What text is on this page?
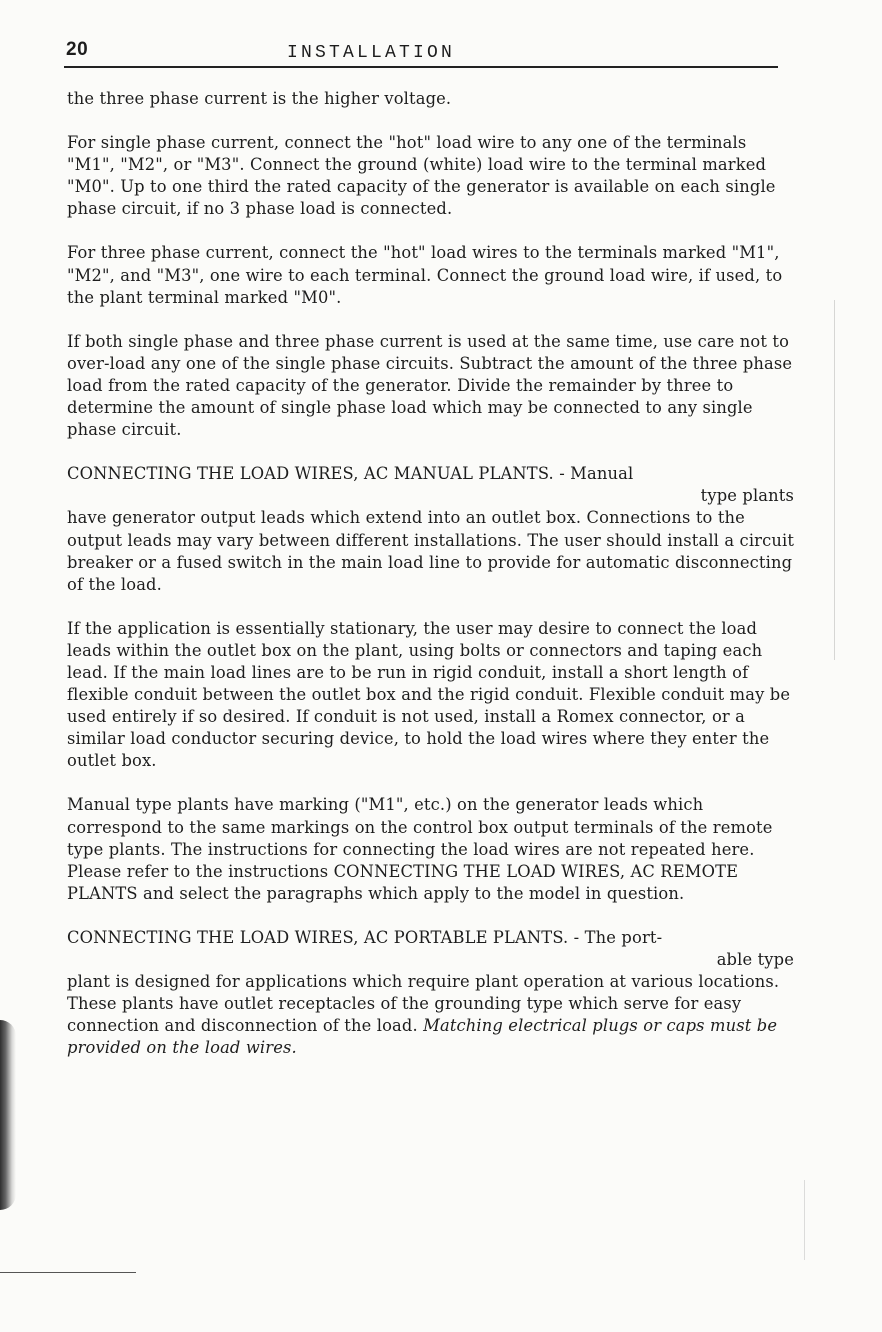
20	INSTALLATION

the three phase current is the higher voltage.

For single phase current, connect the "hot" load wire to any one of the terminals "M1", "M2", or "M3". Connect the ground (white) load wire to the terminal marked "M0". Up to one third the rated capacity of the generator is available on each single phase circuit, if no 3 phase load is connected.

For three phase current, connect the "hot" load wires to the terminals marked "M1", "M2", and "M3", one wire to each terminal. Connect the ground load wire, if used, to the plant terminal marked "M0".

If both single phase and three phase current is used at the same time, use care not to over-load any one of the single phase circuits. Subtract the amount of the three phase load from the rated capacity of the generator. Divide the remainder by three to determine the amount of single phase load which may be connected to any single phase circuit.

CONNECTING THE LOAD WIRES, AC MANUAL PLANTS. - Manual
type plants
have generator output leads which extend into an outlet box. Connections to the output leads may vary between different installations. The user should install a circuit breaker or a fused switch in the main load line to provide for automatic disconnecting of the load.

If the application is essentially stationary, the user may desire to connect the load leads within the outlet box on the plant, using bolts or connectors and taping each lead. If the main load lines are to be run in rigid conduit, install a short length of flexible conduit between the outlet box and the rigid conduit. Flexible conduit may be used entirely if so desired. If conduit is not used, install a Romex connector, or a similar load conductor securing device, to hold the load wires where they enter the outlet box.

Manual type plants have marking ("M1", etc.) on the generator leads which correspond to the same markings on the control box output terminals of the remote type plants. The instructions for connecting the load wires are not repeated here. Please refer to the instructions CONNECTING THE LOAD WIRES, AC REMOTE PLANTS and select the paragraphs which apply to the model in question.

CONNECTING THE LOAD WIRES, AC PORTABLE PLANTS. - The port-
able type
plant is designed for applications which require plant operation at various locations. These plants have outlet receptacles of the grounding type which serve for easy connection and disconnection of the load. Matching electrical plugs or caps must be provided on the load wires.
